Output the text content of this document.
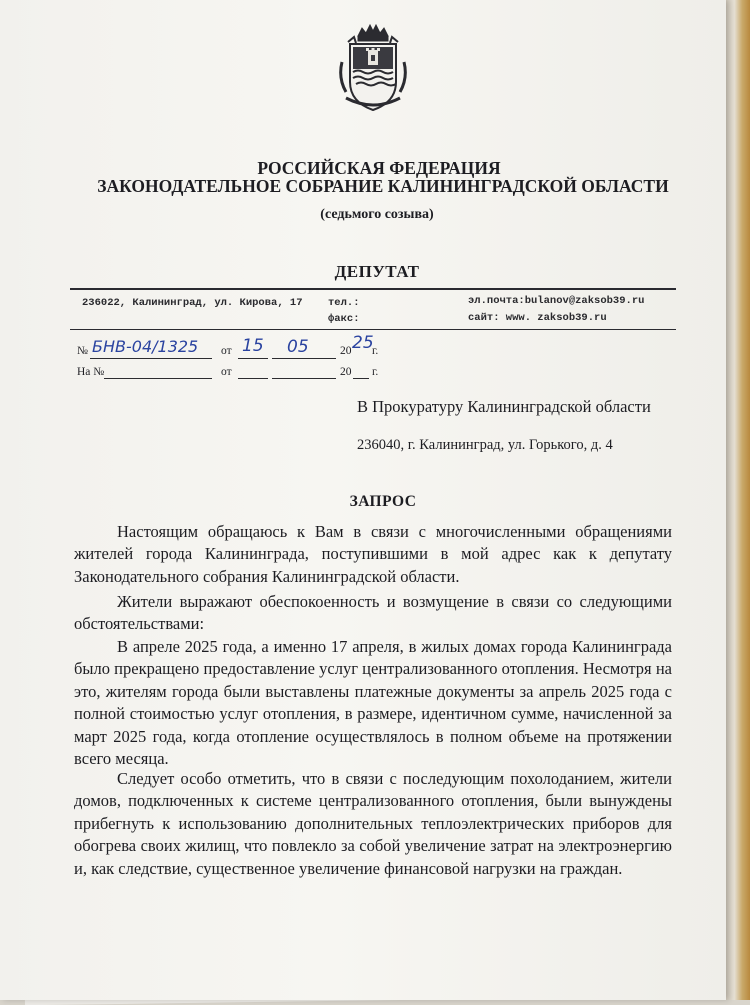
РОССИЙСКАЯ ФЕДЕРАЦИЯ
ЗАКОНОДАТЕЛЬНОЕ СОБРАНИЕ КАЛИНИНГРАДСКОЙ ОБЛАСТИ
(седьмого созыва)
ДЕПУТАТ
236022, Калининград, ул. Кирова, 17 тел.:
факс:
эл.почта:bulanov@zaksob39.ru
сайт: www. zaksob39.ru
№ БНВ-04/1325 от 15 05	20 25
г.
На №	от	20 г.
В Прокуратуру Калининградской области
236040, г. Калининград, ул. Горького, д. 4
ЗАПРОС

Настоящим обращаюсь к Вам в связи с многочисленными обращениями жителей города Калининграда, поступившими в мой адрес как к депутату Законодательного собрания Калининградской области.

Жители выражают обеспокоенность и возмущение в связи со следующими обстоятельствами:

В апреле 2025 года, а именно 17 апреля, в жилых домах города Калининграда было прекращено предоставление услуг централизованного отопления. Несмотря на это, жителям города были выставлены платежные документы за апрель 2025 года с полной стоимостью услуг отопления, в размере, идентичном сумме, начисленной за март 2025 года, когда отопление осуществлялось в полном объеме на протяжении всего месяца.

Следует особо отметить, что в связи с последующим похолоданием, жители домов, подключенных к системе централизованного отопления, были вынуждены прибегнуть к использованию дополнительных теплоэлектрических приборов для обогрева своих жилищ, что повлекло за собой увеличение затрат на электроэнергию и, как следствие, существенное увеличение финансовой нагрузки на граждан.
